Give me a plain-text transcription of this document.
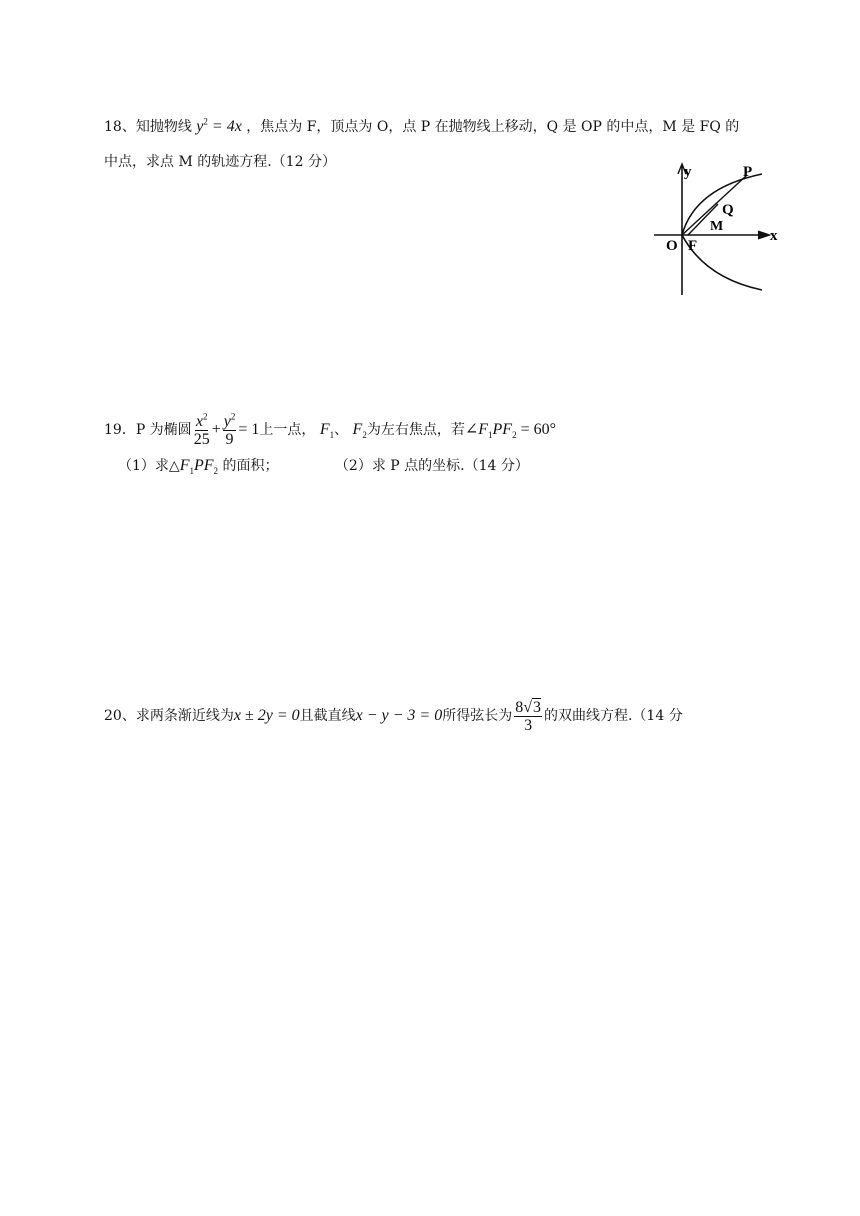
18、知抛物线 $y^2 = 4x$ ，焦点为 F，顶点为 O，点 P 在抛物线上移动，Q 是 OP 的中点，M 是 FQ 的
中点，求点 M 的轨迹方程.（12 分）
y
x
O F
P
Q
M
19．P 为椭圆 $\frac{x^2}{25} + \frac{y^2}{9} = 1$上一点， $F_1$、 $F_2$为左右焦点，若$\angle F_1PF_2 = 60^\circ$
（1）求$\triangle F_1PF_2$ 的面积；	（2）求 P 点的坐标.（14 分）
20、求两条渐近线为x ± 2y = 0且截直线x − y − 3 = 0所得弦长为 $\frac{8√3}{3}$ 的双曲线方程.（14 分
